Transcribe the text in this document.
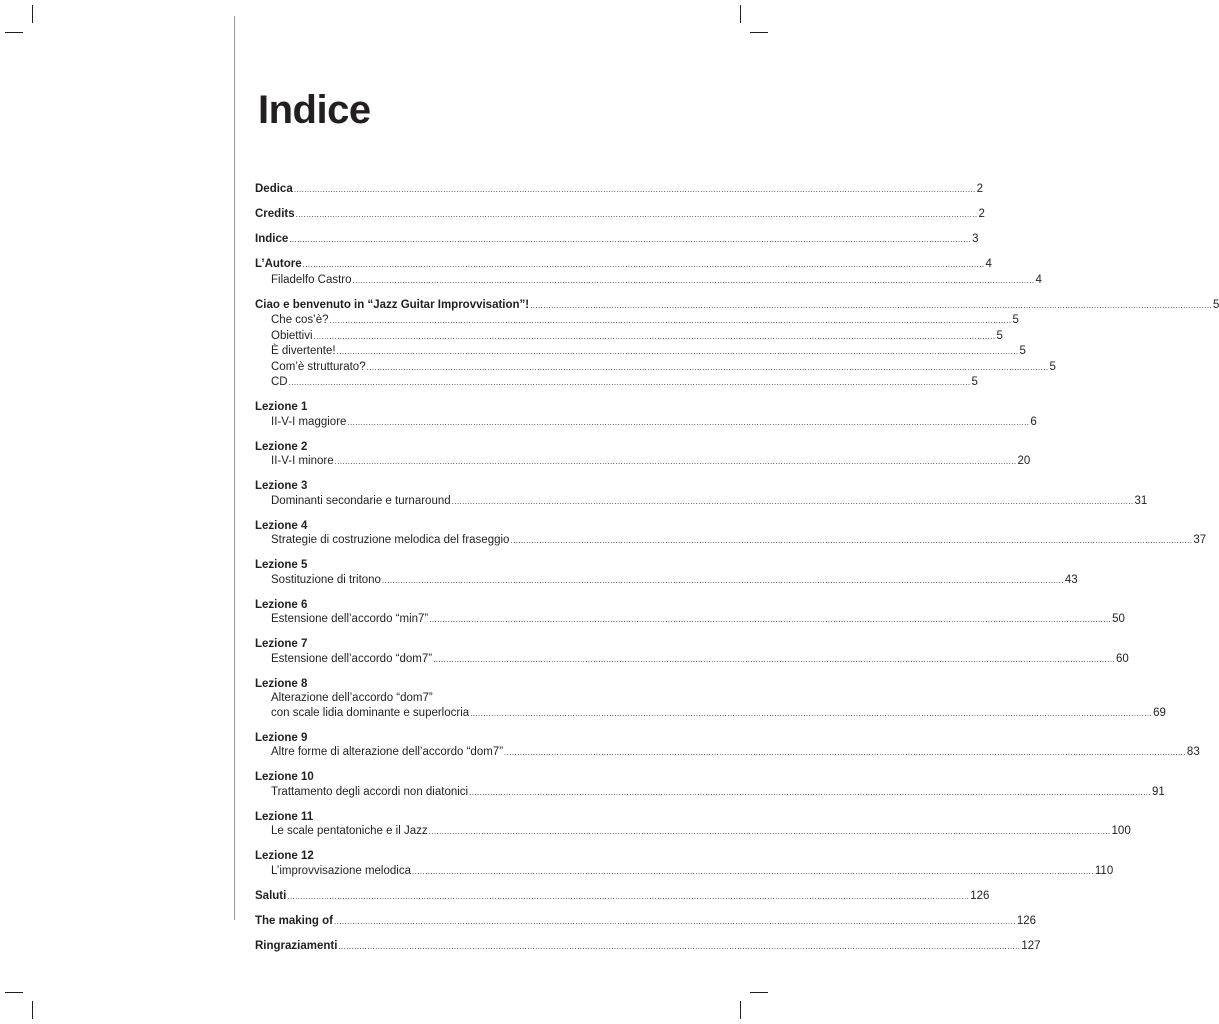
Indice
Dedica .................................................................................................................................................................................................................................................................... 2
Credits .................................................................................................................................................................................................................................................................... 2
Indice .................................................................................................................................................................................................................................................................... 3
L’Autore .................................................................................................................................................................................................................................................................... 4
Filadelfo Castro .................................................................................................................................................................................................................................................................... 4
Ciao e benvenuto in “Jazz Guitar Improvvisation”! .................................................................................................................................................................................................................................................................... 5
Che cos’è? .................................................................................................................................................................................................................................................................... 5
Obiettivi .................................................................................................................................................................................................................................................................... 5
È divertente! .................................................................................................................................................................................................................................................................... 5
Com’è strutturato? .................................................................................................................................................................................................................................................................... 5
CD .................................................................................................................................................................................................................................................................... 5
Lezione 1
II-V-I maggiore .................................................................................................................................................................................................................................................................... 6
Lezione 2
II-V-I minore .................................................................................................................................................................................................................................................................... 20
Lezione 3
Dominanti secondarie e turnaround .................................................................................................................................................................................................................................................................... 31
Lezione 4
Strategie di costruzione melodica del fraseggio .................................................................................................................................................................................................................................................................... 37
Lezione 5
Sostituzione di tritono .................................................................................................................................................................................................................................................................... 43
Lezione 6
Estensione dell’accordo “min7” .................................................................................................................................................................................................................................................................... 50
Lezione 7
Estensione dell’accordo “dom7” .................................................................................................................................................................................................................................................................... 60
Lezione 8
Alterazione dell’accordo “dom7”
con scale lidia dominante e superlocria .................................................................................................................................................................................................................................................................... 69
Lezione 9
Altre forme di alterazione dell’accordo “dom7” .................................................................................................................................................................................................................................................................... 83
Lezione 10
Trattamento degli accordi non diatonici .................................................................................................................................................................................................................................................................... 91
Lezione 11
Le scale pentatoniche e il Jazz .................................................................................................................................................................................................................................................................... 100
Lezione 12
L’improvvisazione melodica .................................................................................................................................................................................................................................................................... 110
Saluti .................................................................................................................................................................................................................................................................... 126
The making of .................................................................................................................................................................................................................................................................... 126
Ringraziamenti .................................................................................................................................................................................................................................................................... 127
